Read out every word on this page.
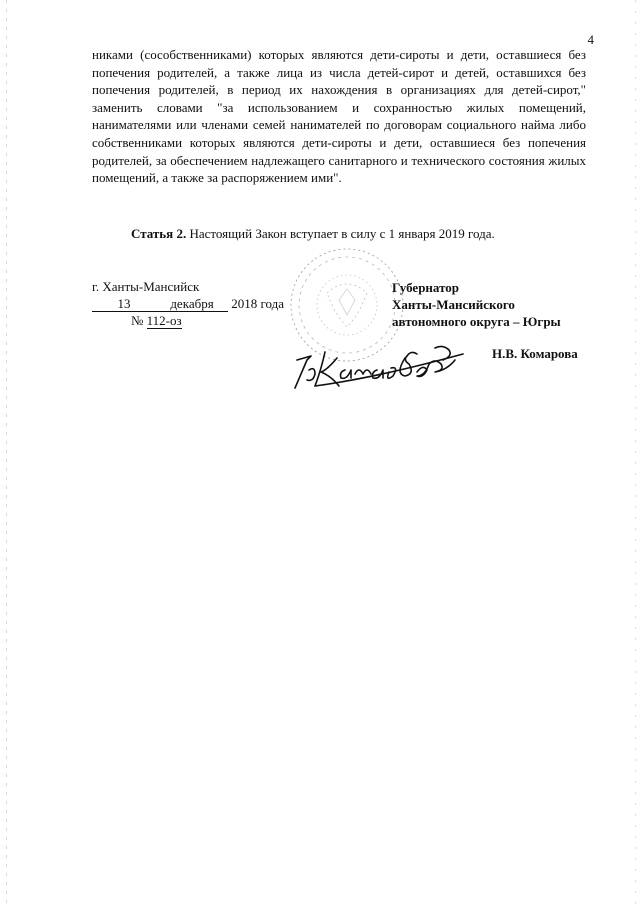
4
никами (сособственниками) которых являются дети-сироты и дети, оставшиеся без попечения родителей, а также лица из числа детей-сирот и детей, оставшихся без попечения родителей, в период их нахождения в организациях для детей-сирот," заменить словами "за использованием и сохранностью жилых помещений, нанимателями или членами семей нанимателей по договорам социального найма либо собственниками которых являются дети-сироты и дети, оставшиеся без попечения родителей, за обеспечением надлежащего санитарного и технического состояния жилых помещений, а также за распоряжением ими".
Статья 2. Настоящий Закон вступает в силу с 1 января 2019 года.
г. Ханты-Мансийск
13	декабря 2018 года
№ 112-оз
Губернатор
Ханты-Мансийского
автономного округа – Югры
Н.В. Комарова
